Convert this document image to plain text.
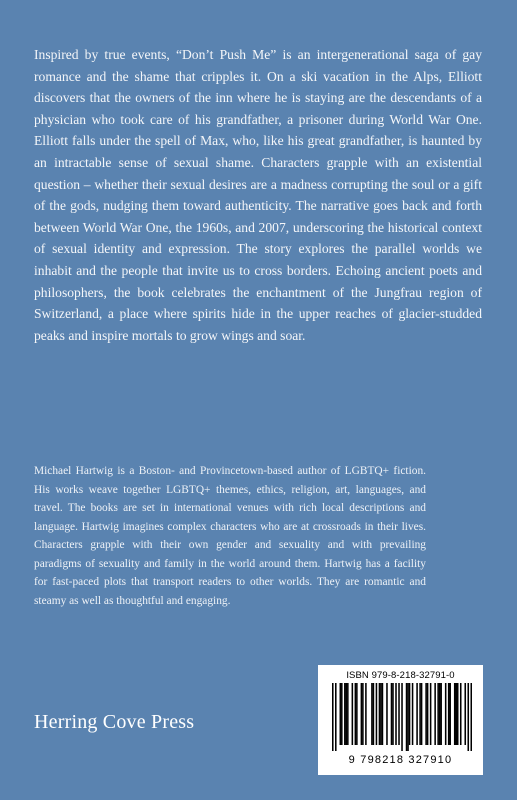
Inspired by true events, “Don’t Push Me” is an intergenerational saga of gay romance and the shame that cripples it. On a ski vacation in the Alps, Elliott discovers that the owners of the inn where he is staying are the descendants of a physician who took care of his grandfather, a prisoner during World War One. Elliott falls under the spell of Max, who, like his great grandfather, is haunted by an intractable sense of sexual shame. Characters grapple with an existential question – whether their sexual desires are a madness corrupting the soul or a gift of the gods, nudging them toward authenticity. The narrative goes back and forth between World War One, the 1960s, and 2007, underscoring the historical context of sexual identity and expression. The story explores the parallel worlds we inhabit and the people that invite us to cross borders. Echoing ancient poets and philosophers, the book celebrates the enchantment of the Jungfrau region of Switzerland, a place where spirits hide in the upper reaches of glacier-studded peaks and inspire mortals to grow wings and soar.

Michael Hartwig is a Boston- and Provincetown-based author of LGBTQ+ fiction. His works weave together LGBTQ+ themes, ethics, religion, art, languages, and travel. The books are set in international venues with rich local descriptions and language. Hartwig imagines complex characters who are at crossroads in their lives. Characters grapple with their own gender and sexuality and with prevailing paradigms of sexuality and family in the world around them. Hartwig has a facility for fast-paced plots that transport readers to other worlds. They are romantic and steamy as well as thoughtful and engaging.

Herring Cove Press
ISBN 979-8-218-32791-0
9 798218 327910
